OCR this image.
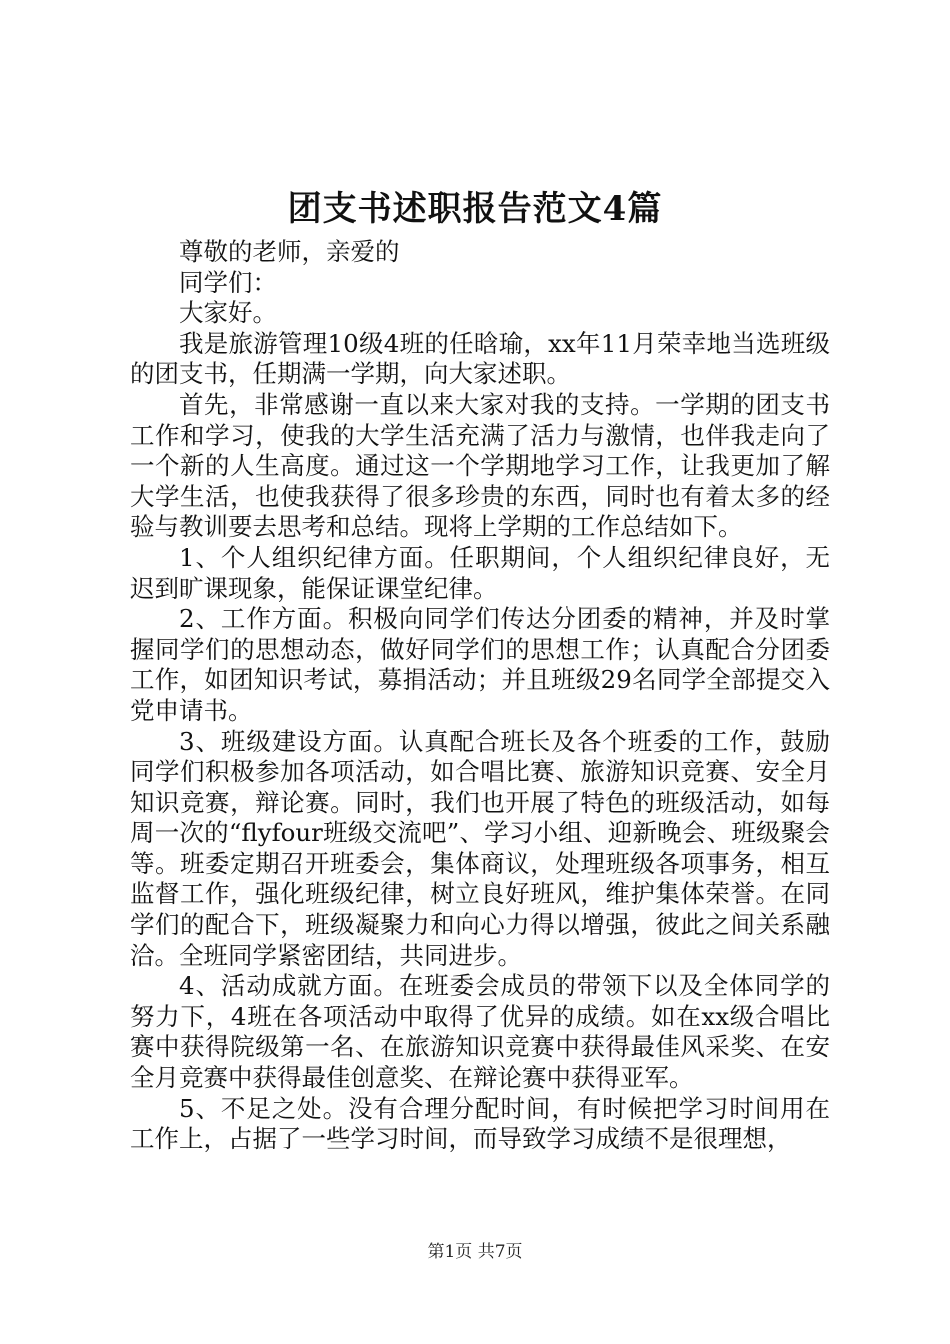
团支书述职报告范文4篇

尊敬的老师，亲爱的

同学们：

大家好。

我是旅游管理10级4班的任晗瑜，xx年11月荣幸地当选班级的团支书，任期满一学期，向大家述职。

首先，非常感谢一直以来大家对我的支持。一学期的团支书工作和学习，使我的大学生活充满了活力与激情，也伴我走向了一个新的人生高度。通过这一个学期地学习工作，让我更加了解大学生活，也使我获得了很多珍贵的东西，同时也有着太多的经验与教训要去思考和总结。现将上学期的工作总结如下。

1、个人组织纪律方面。任职期间，个人组织纪律良好，无迟到旷课现象，能保证课堂纪律。

2、工作方面。积极向同学们传达分团委的精神，并及时掌握同学们的思想动态，做好同学们的思想工作；认真配合分团委工作，如团知识考试，募捐活动；并且班级29名同学全部提交入党申请书。

3、班级建设方面。认真配合班长及各个班委的工作，鼓励同学们积极参加各项活动，如合唱比赛、旅游知识竞赛、安全月知识竞赛，辩论赛。同时，我们也开展了特色的班级活动，如每周一次的“flyfour班级交流吧”、学习小组、迎新晚会、班级聚会等。班委定期召开班委会，集体商议，处理班级各项事务，相互监督工作，强化班级纪律，树立良好班风，维护集体荣誉。在同学们的配合下，班级凝聚力和向心力得以增强，彼此之间关系融洽。全班同学紧密团结，共同进步。

4、活动成就方面。在班委会成员的带领下以及全体同学的努力下，4班在各项活动中取得了优异的成绩。如在xx级合唱比赛中获得院级第一名、在旅游知识竞赛中获得最佳风采奖、在安全月竞赛中获得最佳创意奖、在辩论赛中获得亚军。

5、不足之处。没有合理分配时间，有时候把学习时间用在工作上，占据了一些学习时间，而导致学习成绩不是很理想，

第1页 共7页
